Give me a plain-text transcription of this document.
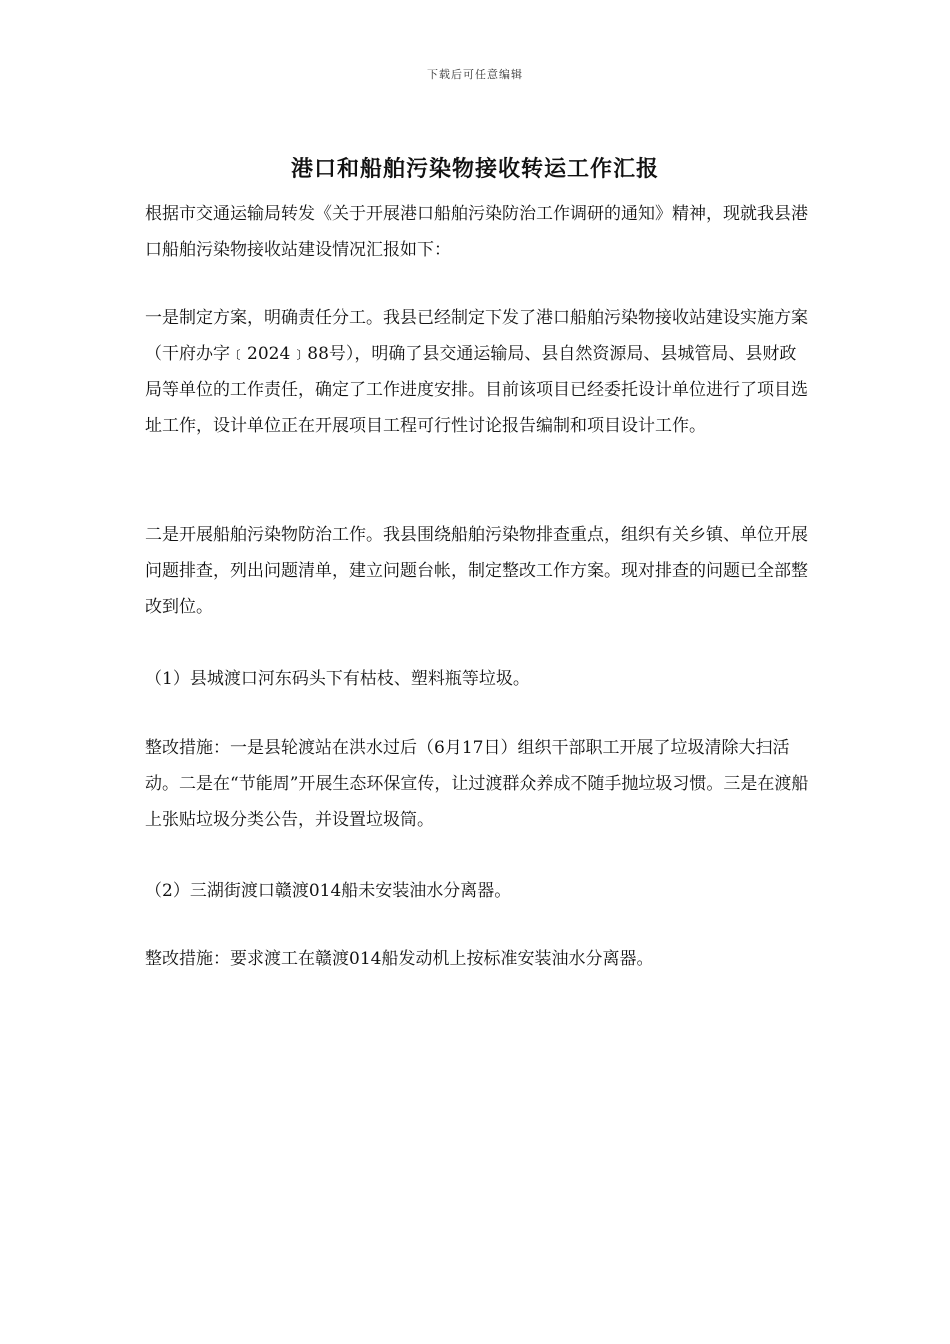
下载后可任意编辑
港口和船舶污染物接收转运工作汇报

根据市交通运输局转发《关于开展港口船舶污染防治工作调研的通知》精神，现就我县港口船舶污染物接收站建设情况汇报如下：

一是制定方案，明确责任分工。我县已经制定下发了港口船舶污染物接收站建设实施方案（干府办字﹝2024﹞88号），明确了县交通运输局、县自然资源局、县城管局、县财政局等单位的工作责任，确定了工作进度安排。目前该项目已经委托设计单位进行了项目选址工作，设计单位正在开展项目工程可行性讨论报告编制和项目设计工作。

二是开展船舶污染物防治工作。我县围绕船舶污染物排查重点，组织有关乡镇、单位开展问题排查，列出问题清单，建立问题台帐，制定整改工作方案。现对排查的问题已全部整改到位。

（1）县城渡口河东码头下有枯枝、塑料瓶等垃圾。

整改措施：一是县轮渡站在洪水过后（6月17日）组织干部职工开展了垃圾清除大扫活动。二是在“节能周”开展生态环保宣传，让过渡群众养成不随手抛垃圾习惯。三是在渡船上张贴垃圾分类公告，并设置垃圾筒。

（2）三湖街渡口赣渡014船未安装油水分离器。

整改措施：要求渡工在赣渡014船发动机上按标准安装油水分离器。
